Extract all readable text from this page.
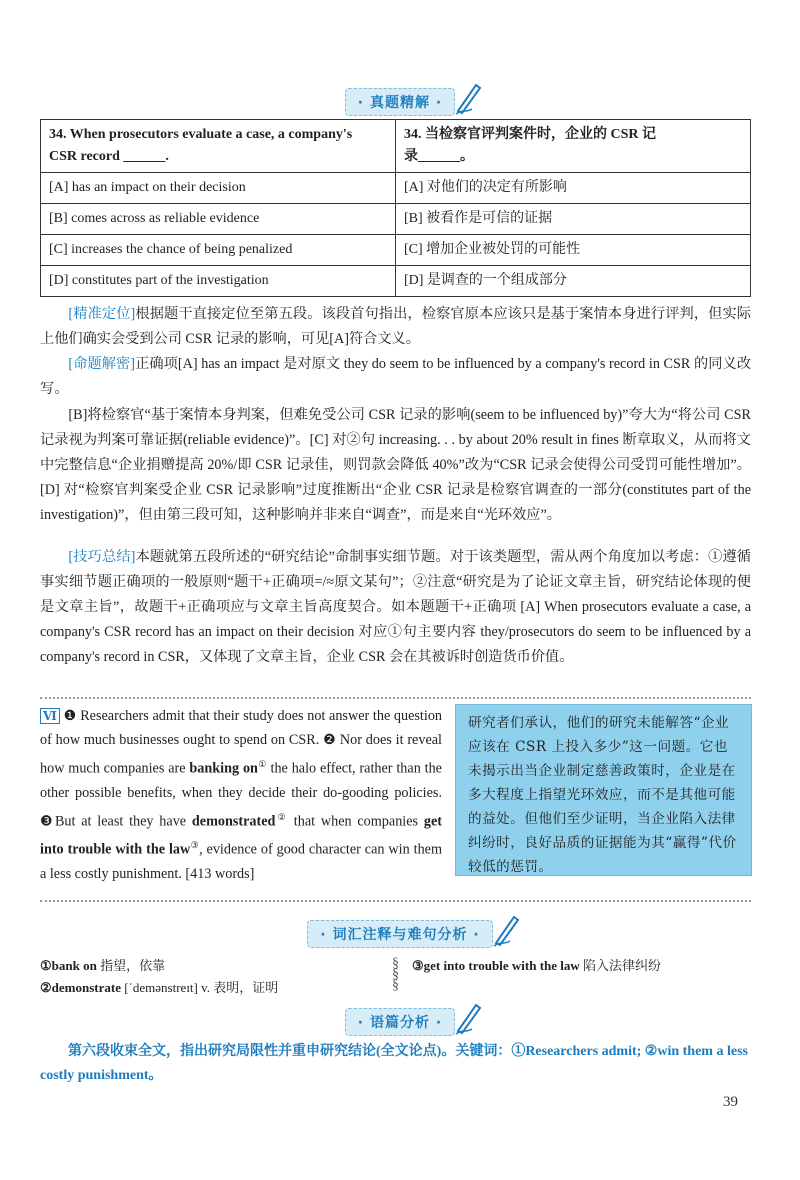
· 真题精解 ·
34. When prosecutors evaluate a case, a company's
CSR record ______.	34. 当检察官评判案件时，企业的 CSR 记
录______。
[A] has an impact on their decision	[A] 对他们的决定有所影响
[B] comes across as reliable evidence	[B] 被看作是可信的证据
[C] increases the chance of being penalized	[C] 增加企业被处罚的可能性
[D] constitutes part of the investigation	[D] 是调查的一个组成部分
[精准定位]根据题干直接定位至第五段。该段首句指出，检察官原本应该只是基于案情本身进行评判，但实际上他们确实会受到公司 CSR 记录的影响，可见[A]符合文义。
[命题解密]正确项[A] has an impact 是对原文 they do seem to be influenced by a company's record in CSR 的同义改写。
[B]将检察官“基于案情本身判案，但难免受公司 CSR 记录的影响(seem to be influenced by)”夸大为“将公司 CSR 记录视为判案可靠证据(reliable evidence)”。[C] 对②句 increasing. . . by about 20% result in fines 断章取义，从而将文中完整信息“企业捐赠提高 20%/即 CSR 记录佳，则罚款会降低 40%”改为“CSR 记录会使得公司受罚可能性增加”。[D] 对“检察官判案受企业 CSR 记录影响”过度推断出“企业 CSR 记录是检察官调查的一部分(constitutes part of the investigation)”，但由第三段可知，这种影响并非来自“调查”，而是来自“光环效应”。
[技巧总结]本题就第五段所述的“研究结论”命制事实细节题。对于该类题型，需从两个角度加以考虑：①遵循事实细节题正确项的一般原则“题干+正确项=/≈原文某句”；②注意“研究是为了论证文章主旨，研究结论体现的便是文章主旨”，故题干+正确项应与文章主旨高度契合。如本题题干+正确项 [A] When prosecutors evaluate a case, a company's CSR record has an impact on their decision 对应①句主要内容 they/prosecutors do seem to be influenced by a company's record in CSR，又体现了文章主旨，企业 CSR 会在其被诉时创造货币价值。
Ⅵ ❶ Researchers admit that their study does not answer the question of how much businesses ought to spend on CSR. ❷ Nor does it reveal how much companies are banking on① the halo effect, rather than the other possible benefits, when they decide their do-gooding policies. ❸But at least they have demonstrated② that when companies get into trouble with the law③, evidence of good character can win them a less costly punishment. [413 words]
研究者们承认，他们的研究未能解答“企业应该在 CSR 上投入多少”这一问题。它也未揭示出当企业制定慈善政策时，企业是在多大程度上指望光环效应，而不是其他可能的益处。但他们至少证明，当企业陷入法律纠纷时，良好品质的证据能为其“赢得”代价较低的惩罚。
· 词汇注释与难句分析 ·
①bank on 指望，依靠
②demonstrate [ˈdemənstreɪt] v. 表明，证明
§
§
§
③get into trouble with the law 陷入法律纠纷
· 语篇分析 ·
第六段收束全文，指出研究局限性并重申研究结论(全文论点)。关键词：①Researchers admit; ②win them a less costly punishment。
39
